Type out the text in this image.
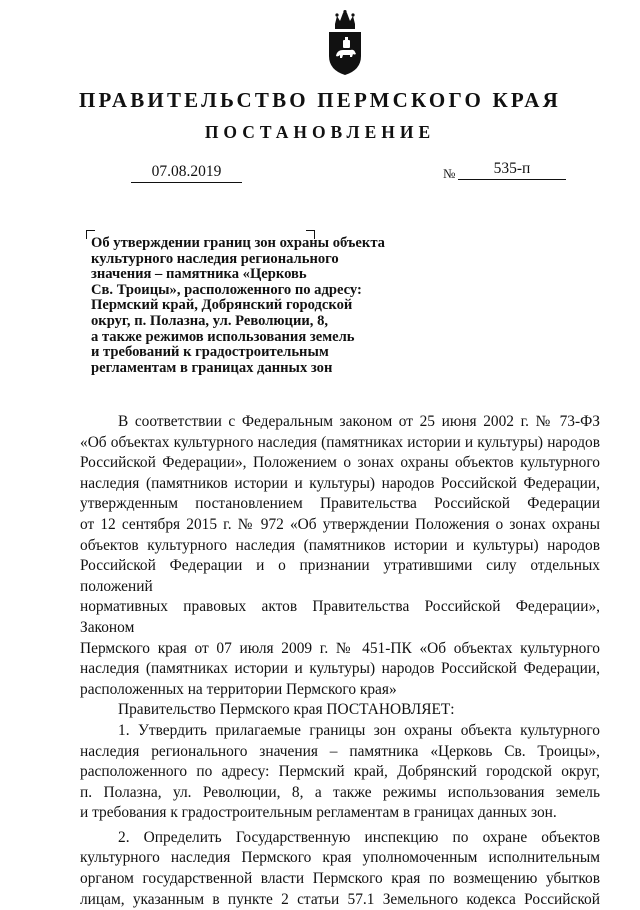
ПРАВИТЕЛЬСТВО ПЕРМСКОГО КРАЯ
ПОСТАНОВЛЕНИЕ
07.08.2019	№	535-п
Об утверждении границ зон охраны объекта
культурного наследия регионального
значения – памятника «Церковь
Св. Троицы», расположенного по адресу:
Пермский край, Добрянский городской
округ, п. Полазна, ул. Революции, 8,
а также режимов использования земель
и требований к градостроительным
регламентам в границах данных зон

В соответствии с Федеральным законом от 25 июня 2002 г. № 73-ФЗ

«Об объектах культурного наследия (памятниках истории и культуры) народов

Российской Федерации», Положением о зонах охраны объектов культурного

наследия (памятников истории и культуры) народов Российской Федерации,

утвержденным постановлением Правительства Российской Федерации

от 12 сентября 2015 г. № 972 «Об утверждении Положения о зонах охраны

объектов культурного наследия (памятников истории и культуры) народов

Российской Федерации и о признании утратившими силу отдельных положений

нормативных правовых актов Правительства Российской Федерации», Законом

Пермского края от 07 июля 2009 г. № 451-ПК «Об объектах культурного

наследия (памятниках истории и культуры) народов Российской Федерации,

расположенных на территории Пермского края»

Правительство Пермского края ПОСТАНОВЛЯЕТ:

1. Утвердить прилагаемые границы зон охраны объекта культурного

наследия регионального значения – памятника «Церковь Св. Троицы»,

расположенного по адресу: Пермский край, Добрянский городской округ,

п. Полазна, ул. Революции, 8, а также режимы использования земель

и требования к градостроительным регламентам в границах данных зон.

2. Определить Государственную инспекцию по охране объектов

культурного наследия Пермского края уполномоченным исполнительным

органом государственной власти Пермского края по возмещению убытков

лицам, указанным в пункте 2 статьи 57.1 Земельного кодекса Российской
